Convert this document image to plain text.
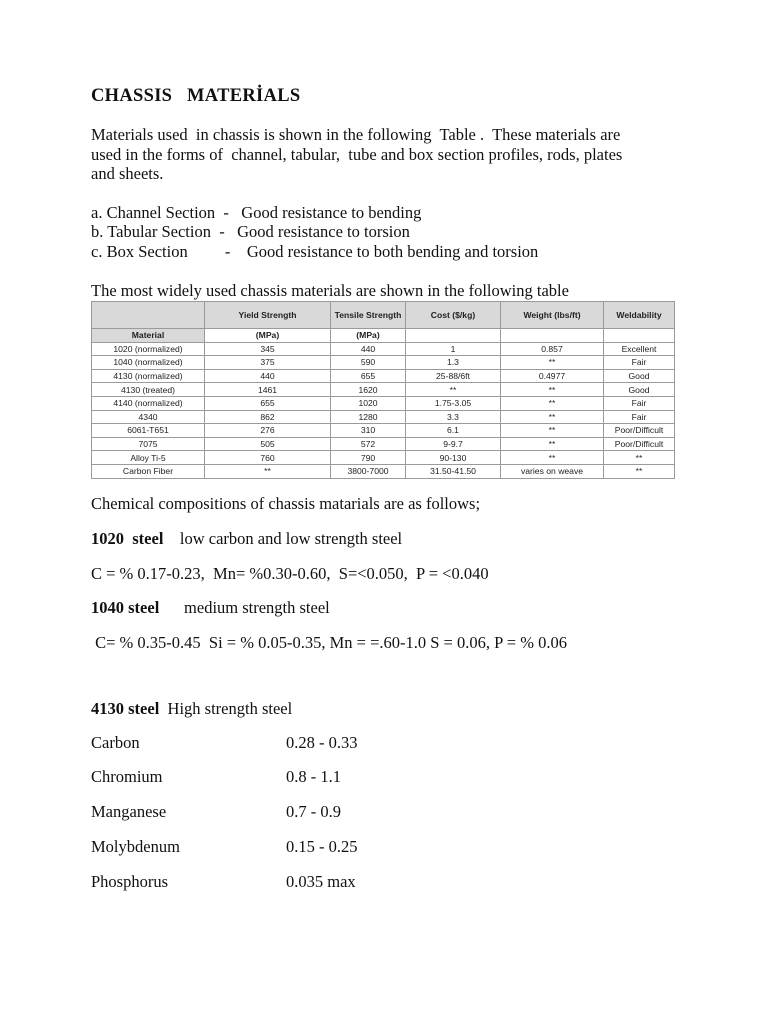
CHASSIS   MATERİALS
Materials used  in chassis is shown in the following  Table .  These materials are
used in the forms of  channel, tabular,  tube and box section profiles, rods, plates
and sheets.
a. Channel Section  -   Good resistance to bending
b. Tabular Section  -   Good resistance to torsion
c. Box Section         -    Good resistance to both bending and torsion
The most widely used chassis materials are shown in the following table
	Yield Strength	Tensile Strength	Cost ($/kg)	Weight (lbs/ft)	Weldability
Material	(MPa)	(MPa)			
1020 (normalized)	345	440	1	0.857	Excellent
1040 (normalized)	375	590	1.3	**	Fair
4130 (normalized)	440	655	25-88/6ft	0.4977	Good
4130 (treated)	1461	1620	**	**	Good
4140 (normalized)	655	1020	1.75-3.05	**	Fair
4340	862	1280	3.3	**	Fair
6061-T651	276	310	6.1	**	Poor/Difficult
7075	505	572	9-9.7	**	Poor/Difficult
Alloy Ti-5	760	790	90-130	**	**
Carbon Fiber	**	3800-7000	31.50-41.50	varies on weave	**
Chemical compositions of chassis matarials are as follows;
1020  steel    low carbon and low strength steel
C = % 0.17-0.23,  Mn= %0.30-0.60,  S=<0.050,  P = <0.040
1040 steel      medium strength steel
C= % 0.35-0.45  Si = % 0.05-0.35, Mn = =.60-1.0 S = 0.06, P = % 0.06
4130 steel  High strength steel
Carbon	0.28 - 0.33
Chromium	0.8 - 1.1
Manganese	0.7 - 0.9
Molybdenum	0.15 - 0.25
Phosphorus	0.035 max
